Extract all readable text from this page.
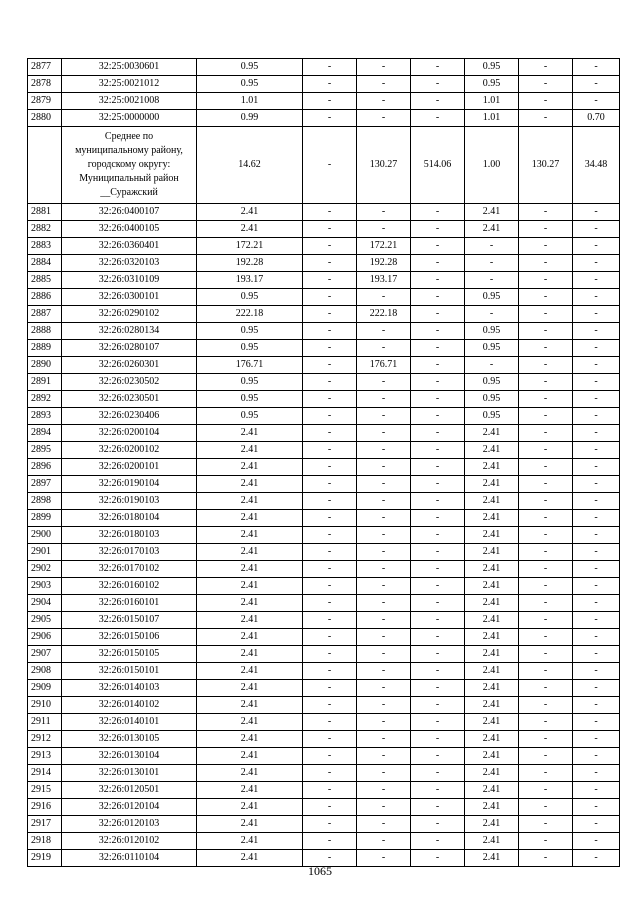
2877	32:25:0030601	0.95	-	-	-	0.95	-	-
2878	32:25:0021012	0.95	-	-	-	0.95	-	-
2879	32:25:0021008	1.01	-	-	-	1.01	-	-
2880	32:25:0000000	0.99	-	-	-	1.01	-	0.70
	Среднее по
муниципальному району,
городскому округу:
Муниципальный район
__Суражский	14.62	-	130.27	514.06	1.00	130.27	34.48
2881	32:26:0400107	2.41	-	-	-	2.41	-	-
2882	32:26:0400105	2.41	-	-	-	2.41	-	-
2883	32:26:0360401	172.21	-	172.21	-	-	-	-
2884	32:26:0320103	192.28	-	192.28	-	-	-	-
2885	32:26:0310109	193.17	-	193.17	-	-	-	-
2886	32:26:0300101	0.95	-	-	-	0.95	-	-
2887	32:26:0290102	222.18	-	222.18	-	-	-	-
2888	32:26:0280134	0.95	-	-	-	0.95	-	-
2889	32:26:0280107	0.95	-	-	-	0.95	-	-
2890	32:26:0260301	176.71	-	176.71	-	-	-	-
2891	32:26:0230502	0.95	-	-	-	0.95	-	-
2892	32:26:0230501	0.95	-	-	-	0.95	-	-
2893	32:26:0230406	0.95	-	-	-	0.95	-	-
2894	32:26:0200104	2.41	-	-	-	2.41	-	-
2895	32:26:0200102	2.41	-	-	-	2.41	-	-
2896	32:26:0200101	2.41	-	-	-	2.41	-	-
2897	32:26:0190104	2.41	-	-	-	2.41	-	-
2898	32:26:0190103	2.41	-	-	-	2.41	-	-
2899	32:26:0180104	2.41	-	-	-	2.41	-	-
2900	32:26:0180103	2.41	-	-	-	2.41	-	-
2901	32:26:0170103	2.41	-	-	-	2.41	-	-
2902	32:26:0170102	2.41	-	-	-	2.41	-	-
2903	32:26:0160102	2.41	-	-	-	2.41	-	-
2904	32:26:0160101	2.41	-	-	-	2.41	-	-
2905	32:26:0150107	2.41	-	-	-	2.41	-	-
2906	32:26:0150106	2.41	-	-	-	2.41	-	-
2907	32:26:0150105	2.41	-	-	-	2.41	-	-
2908	32:26:0150101	2.41	-	-	-	2.41	-	-
2909	32:26:0140103	2.41	-	-	-	2.41	-	-
2910	32:26:0140102	2.41	-	-	-	2.41	-	-
2911	32:26:0140101	2.41	-	-	-	2.41	-	-
2912	32:26:0130105	2.41	-	-	-	2.41	-	-
2913	32:26:0130104	2.41	-	-	-	2.41	-	-
2914	32:26:0130101	2.41	-	-	-	2.41	-	-
2915	32:26:0120501	2.41	-	-	-	2.41	-	-
2916	32:26:0120104	2.41	-	-	-	2.41	-	-
2917	32:26:0120103	2.41	-	-	-	2.41	-	-
2918	32:26:0120102	2.41	-	-	-	2.41	-	-
2919	32:26:0110104	2.41	-	-	-	2.41	-	-
1065
